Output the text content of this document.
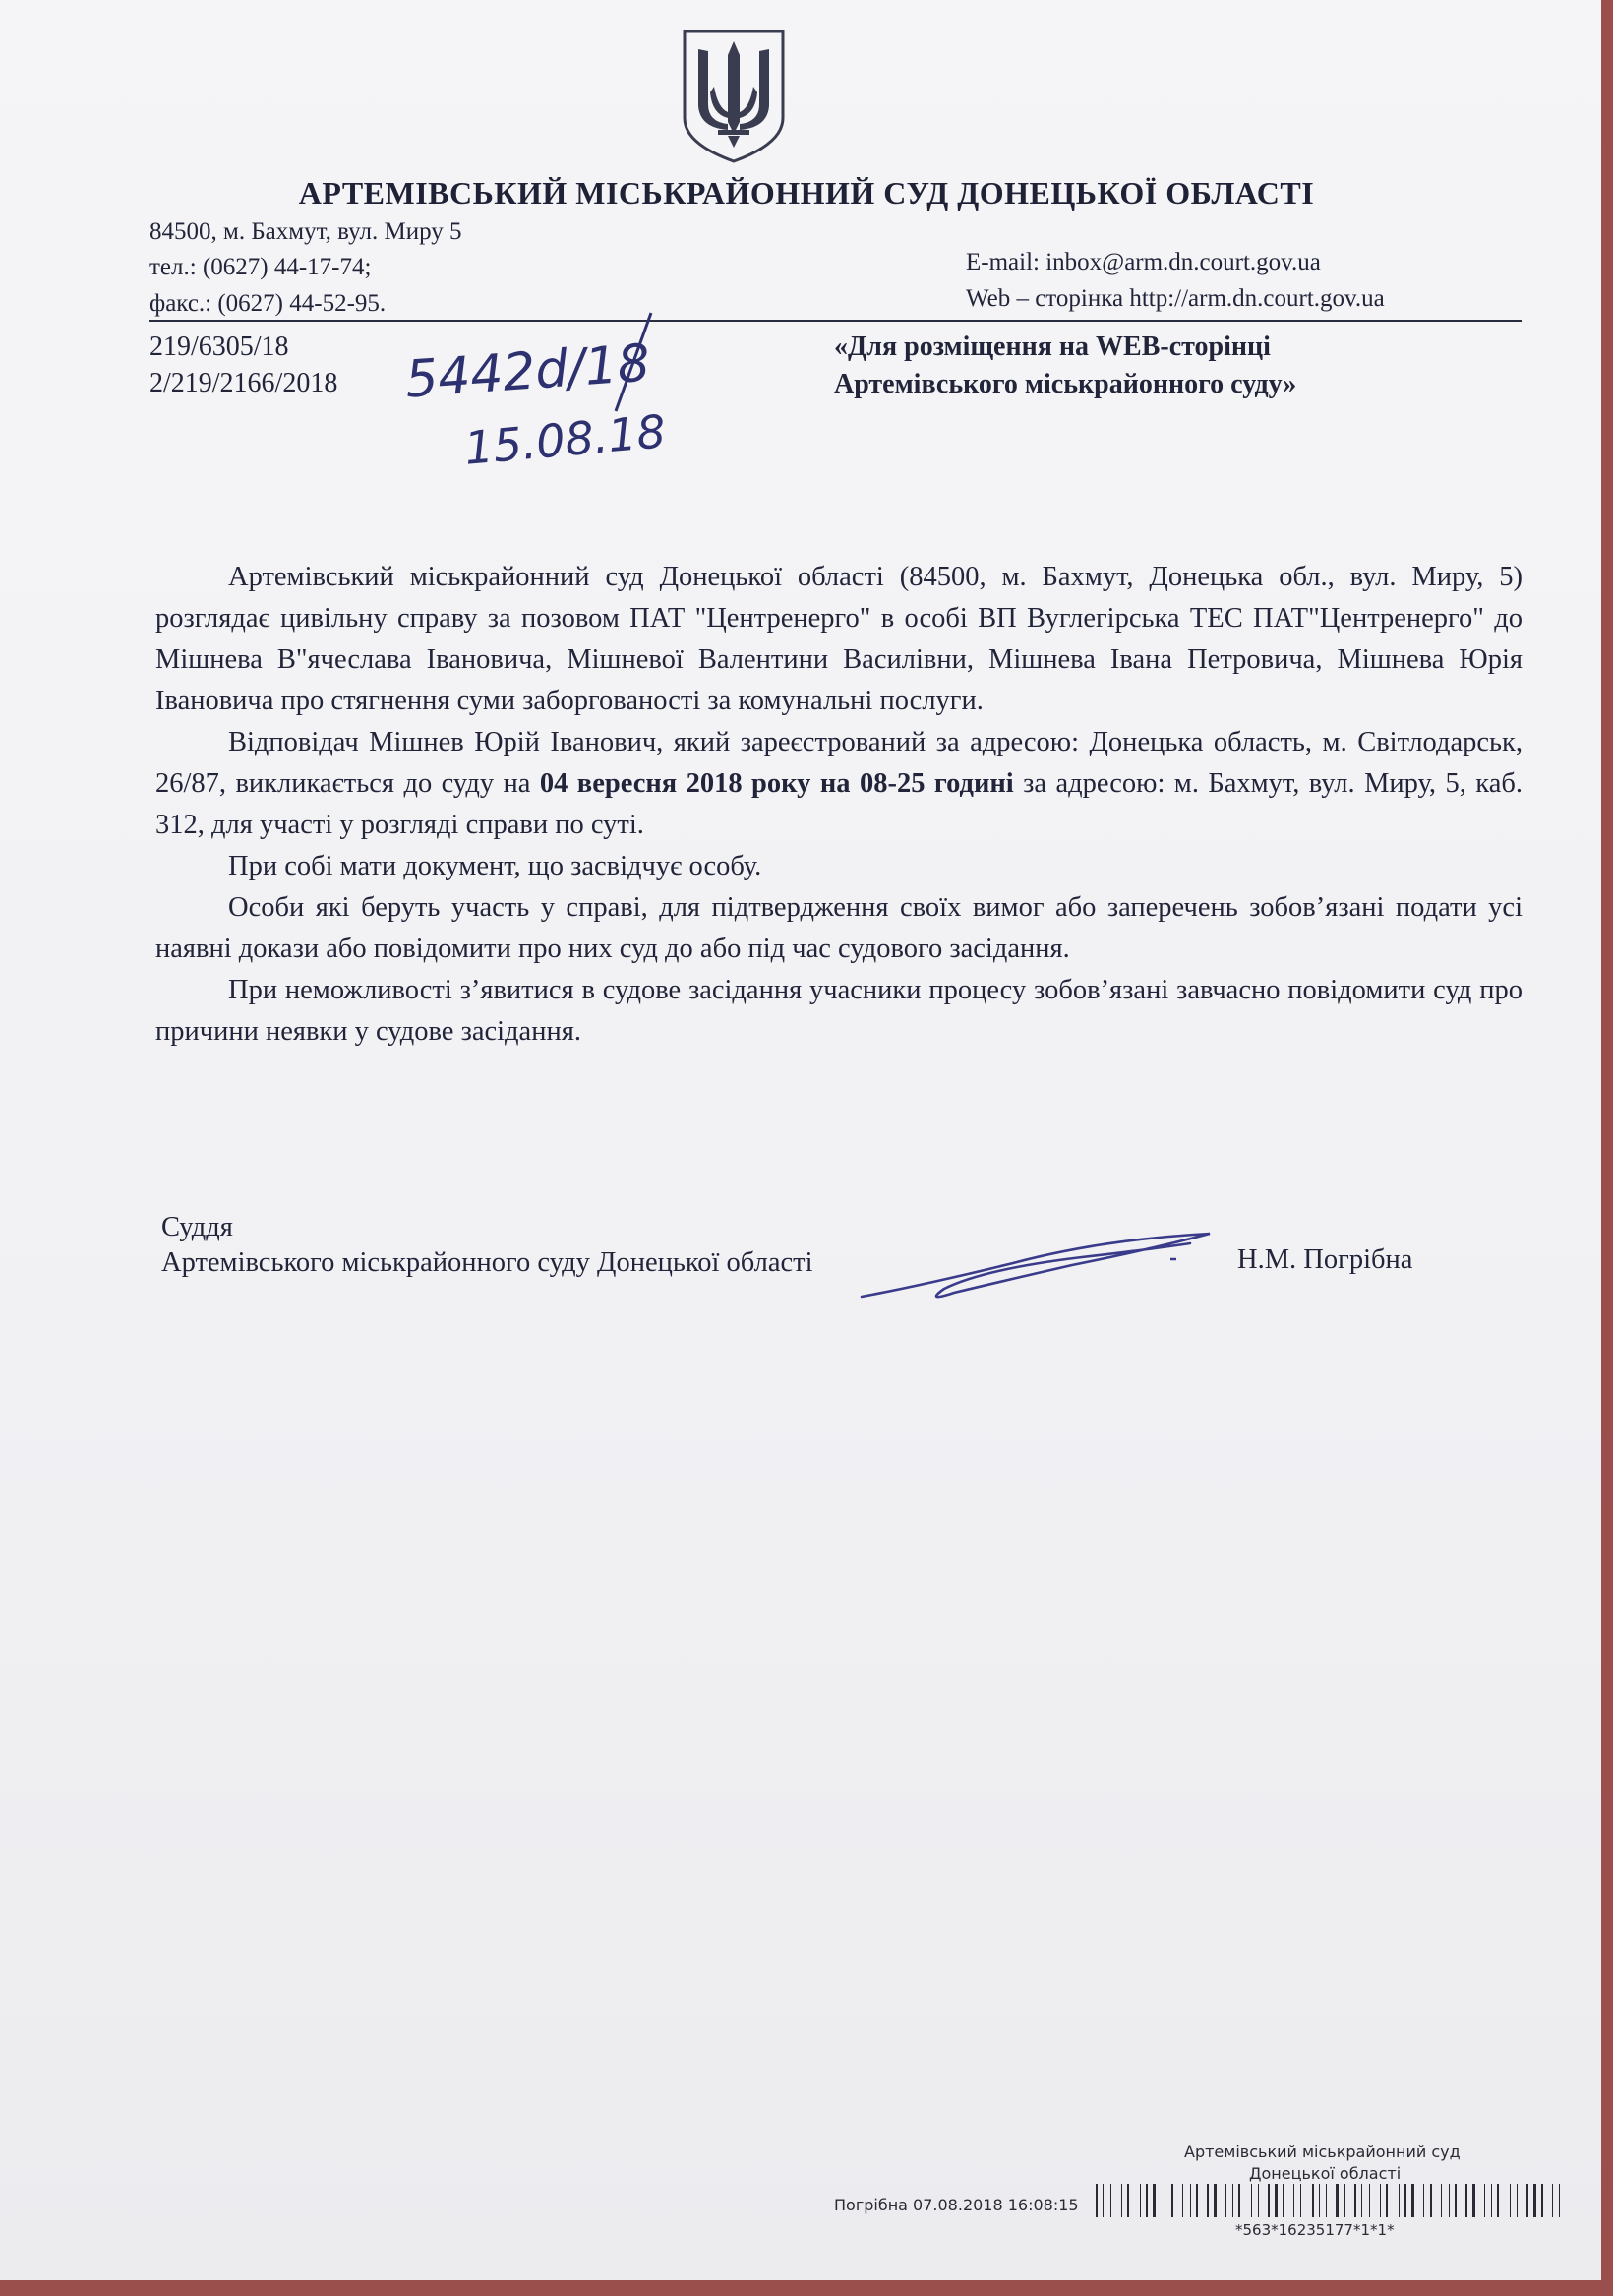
АРТЕМІВСЬКИЙ МІСЬКРАЙОННИЙ СУД ДОНЕЦЬКОЇ ОБЛАСТІ
84500, м. Бахмут, вул. Миру 5
тел.: (0627) 44-17-74;
факс.: (0627) 44-52-95.
E-mail: inbox@arm.dn.court.gov.ua
Web – сторінка http://arm.dn.court.gov.ua
219/6305/18
2/219/2166/2018
«Для розміщення на WEB-сторінці
Артемівського міськрайонного суду»
5442d/18
15.08.18

Артемівський міськрайонний суд Донецької області (84500, м. Бахмут, Донецька обл., вул. Миру, 5) розглядає цивільну справу за позовом ПАТ "Центренерго" в особі ВП Вуглегірська ТЕС ПАТ"Центренерго" до Мішнева В"ячеслава Івановича, Мішневої Валентини Василівни, Мішнева Івана Петровича, Мішнева Юрія Івановича про стягнення суми заборгованості за комунальні послуги.

Відповідач Мішнев Юрій Іванович, який зареєстрований за адресою: Донецька область, м. Світлодарськ, 26/87, викликається до суду на 04 вересня 2018 року на 08-25 годині за адресою: м. Бахмут, вул. Миру, 5, каб. 312, для участі у розгляді справи по суті.

При собі мати документ, що засвідчує особу.

Особи які беруть участь у справі, для підтвердження своїх вимог або заперечень зобов’язані подати усі наявні докази або повідомити про них суд до або під час судового засідання.

При неможливості з’явитися в судове засідання учасники процесу зобов’язані завчасно повідомити суд про причини неявки у судове засідання.

Суддя
Артемівського міськрайонного суду Донецької області	Н.М. Погрібна
Артемівський міськрайонний суд
Донецької області
Погрібна 07.08.2018 16:08:15
*563*16235177*1*1*
